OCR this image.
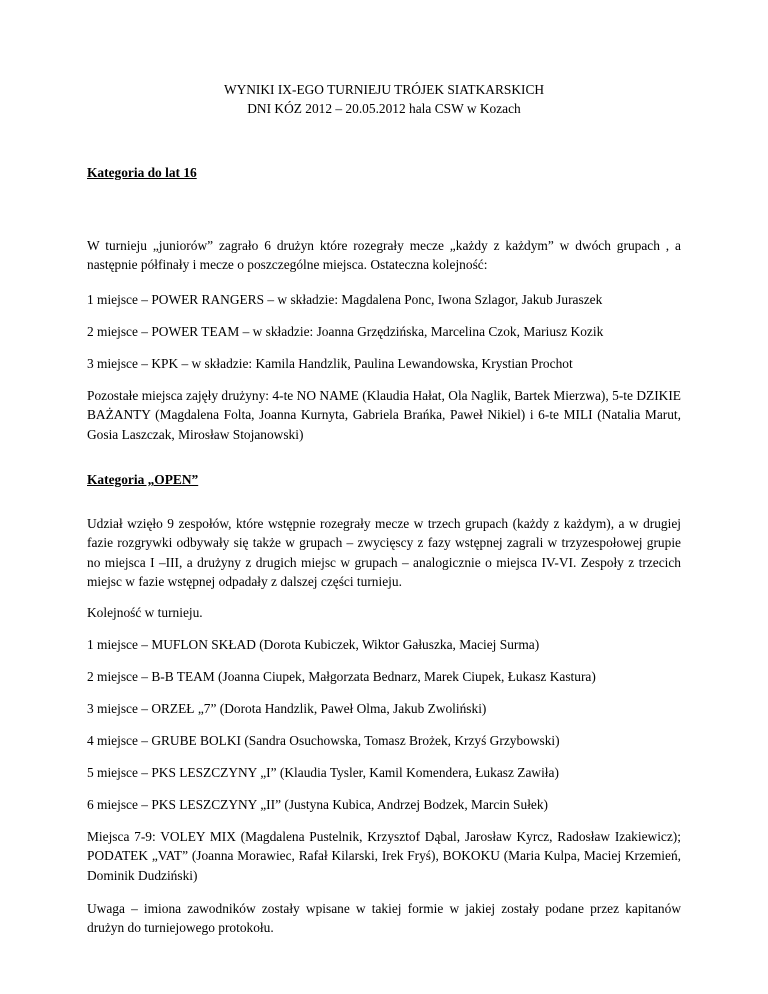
WYNIKI IX-EGO TURNIEJU TRÓJEK SIATKARSKICH
DNI KÓZ 2012 – 20.05.2012 hala CSW w Kozach
Kategoria do lat 16
W turnieju „juniorów” zagrało 6 drużyn które rozegrały mecze „każdy z każdym” w dwóch grupach , a następnie półfinały i mecze o poszczególne miejsca. Ostateczna kolejność:
1 miejsce – POWER RANGERS – w składzie: Magdalena Ponc, Iwona Szlagor, Jakub Juraszek
2 miejsce – POWER TEAM – w składzie: Joanna Grzędzińska, Marcelina Czok, Mariusz Kozik
3 miejsce – KPK – w składzie: Kamila Handzlik, Paulina Lewandowska, Krystian Prochot
Pozostałe miejsca zajęły drużyny: 4-te NO NAME (Klaudia Hałat, Ola Naglik, Bartek Mierzwa), 5-te DZIKIE BAŻANTY (Magdalena Folta, Joanna Kurnyta, Gabriela Brańka, Paweł Nikiel) i 6-te MILI (Natalia Marut, Gosia Laszczak, Mirosław Stojanowski)
Kategoria „OPEN”
Udział wzięło 9 zespołów, które wstępnie rozegrały mecze w trzech grupach (każdy z każdym), a w drugiej fazie rozgrywki odbywały się także w grupach – zwycięscy z fazy wstępnej zagrali w trzyzespołowej grupie no miejsca I –III, a drużyny z drugich miejsc w grupach – analogicznie o miejsca IV-VI. Zespoły z trzecich miejsc w fazie wstępnej odpadały z dalszej części turnieju.
Kolejność w turnieju.
1 miejsce – MUFLON SKŁAD (Dorota Kubiczek, Wiktor Gałuszka, Maciej Surma)
2 miejsce – B-B TEAM (Joanna Ciupek, Małgorzata Bednarz, Marek Ciupek, Łukasz Kastura)
3 miejsce – ORZEŁ „7” (Dorota Handzlik, Paweł Olma, Jakub Zwoliński)
4 miejsce – GRUBE BOLKI (Sandra Osuchowska, Tomasz Brożek, Krzyś Grzybowski)
5 miejsce – PKS LESZCZYNY „I” (Klaudia Tysler, Kamil Komendera, Łukasz Zawiła)
6 miejsce – PKS LESZCZYNY „II” (Justyna Kubica, Andrzej Bodzek, Marcin Sułek)
Miejsca 7-9: VOLEY MIX (Magdalena Pustelnik, Krzysztof Dąbal, Jarosław Kyrcz, Radosław Izakiewicz); PODATEK „VAT” (Joanna Morawiec, Rafał Kilarski, Irek Fryś), BOKOKU (Maria Kulpa, Maciej Krzemień, Dominik Dudziński)
Uwaga – imiona zawodników zostały wpisane w takiej formie w jakiej zostały podane przez kapitanów drużyn do turniejowego protokołu.
